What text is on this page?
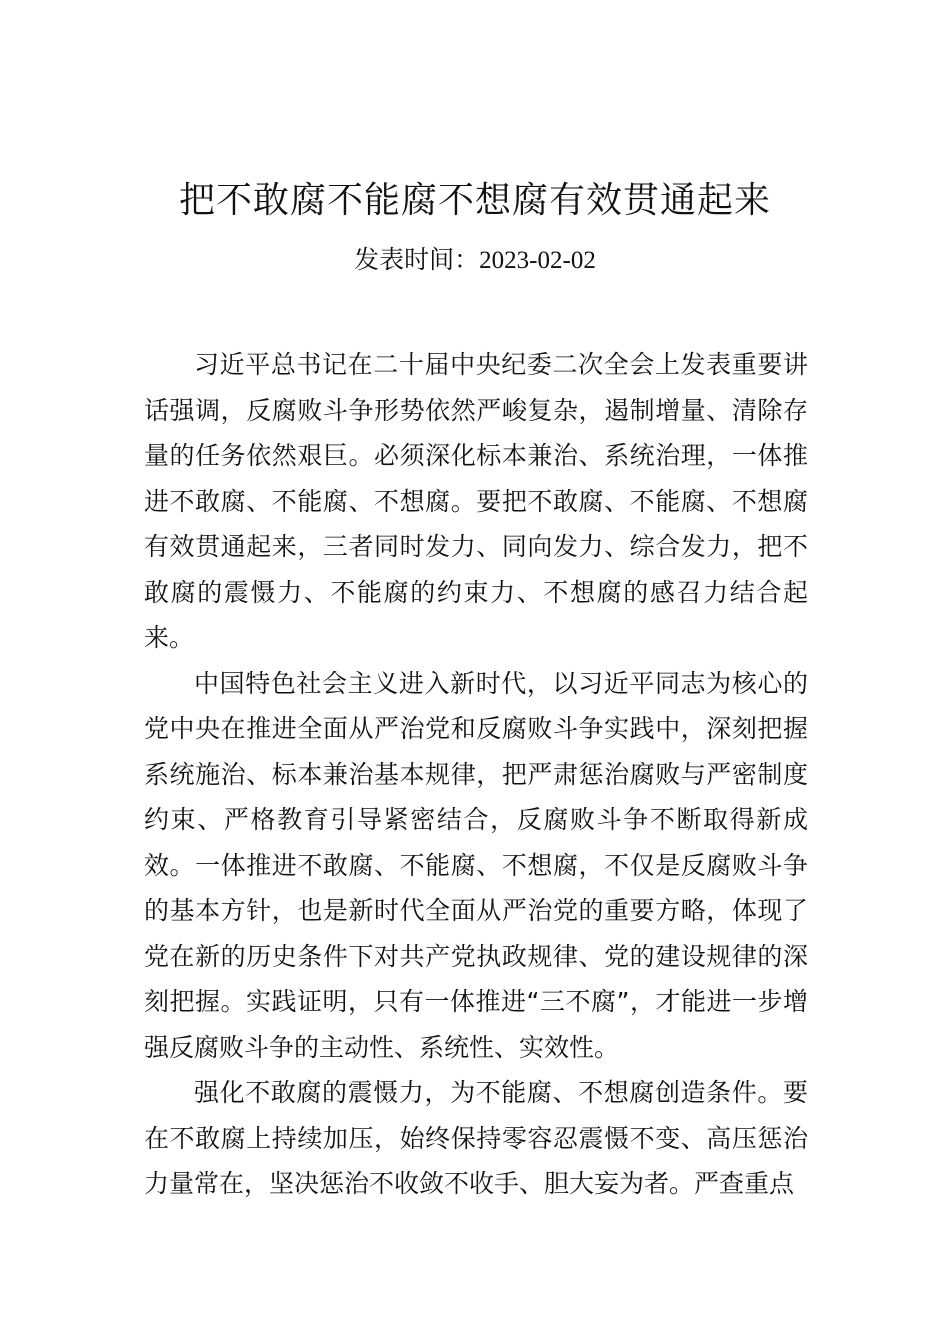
把不敢腐不能腐不想腐有效贯通起来
发表时间：2023-02-02

习近平总书记在二十届中央纪委二次全会上发表重要讲话强调，反腐败斗争形势依然严峻复杂，遏制增量、清除存量的任务依然艰巨。必须深化标本兼治、系统治理，一体推进不敢腐、不能腐、不想腐。要把不敢腐、不能腐、不想腐有效贯通起来，三者同时发力、同向发力、综合发力，把不敢腐的震慑力、不能腐的约束力、不想腐的感召力结合起来。

中国特色社会主义进入新时代，以习近平同志为核心的党中央在推进全面从严治党和反腐败斗争实践中，深刻把握系统施治、标本兼治基本规律，把严肃惩治腐败与严密制度约束、严格教育引导紧密结合，反腐败斗争不断取得新成效。一体推进不敢腐、不能腐、不想腐，不仅是反腐败斗争的基本方针，也是新时代全面从严治党的重要方略，体现了党在新的历史条件下对共产党执政规律、党的建设规律的深刻把握。实践证明，只有一体推进“三不腐”，才能进一步增强反腐败斗争的主动性、系统性、实效性。

强化不敢腐的震慑力，为不能腐、不想腐创造条件。要在不敢腐上持续加压，始终保持零容忍震慑不变、高压惩治力量常在，坚决惩治不收敛不收手、胆大妄为者。严查重点
